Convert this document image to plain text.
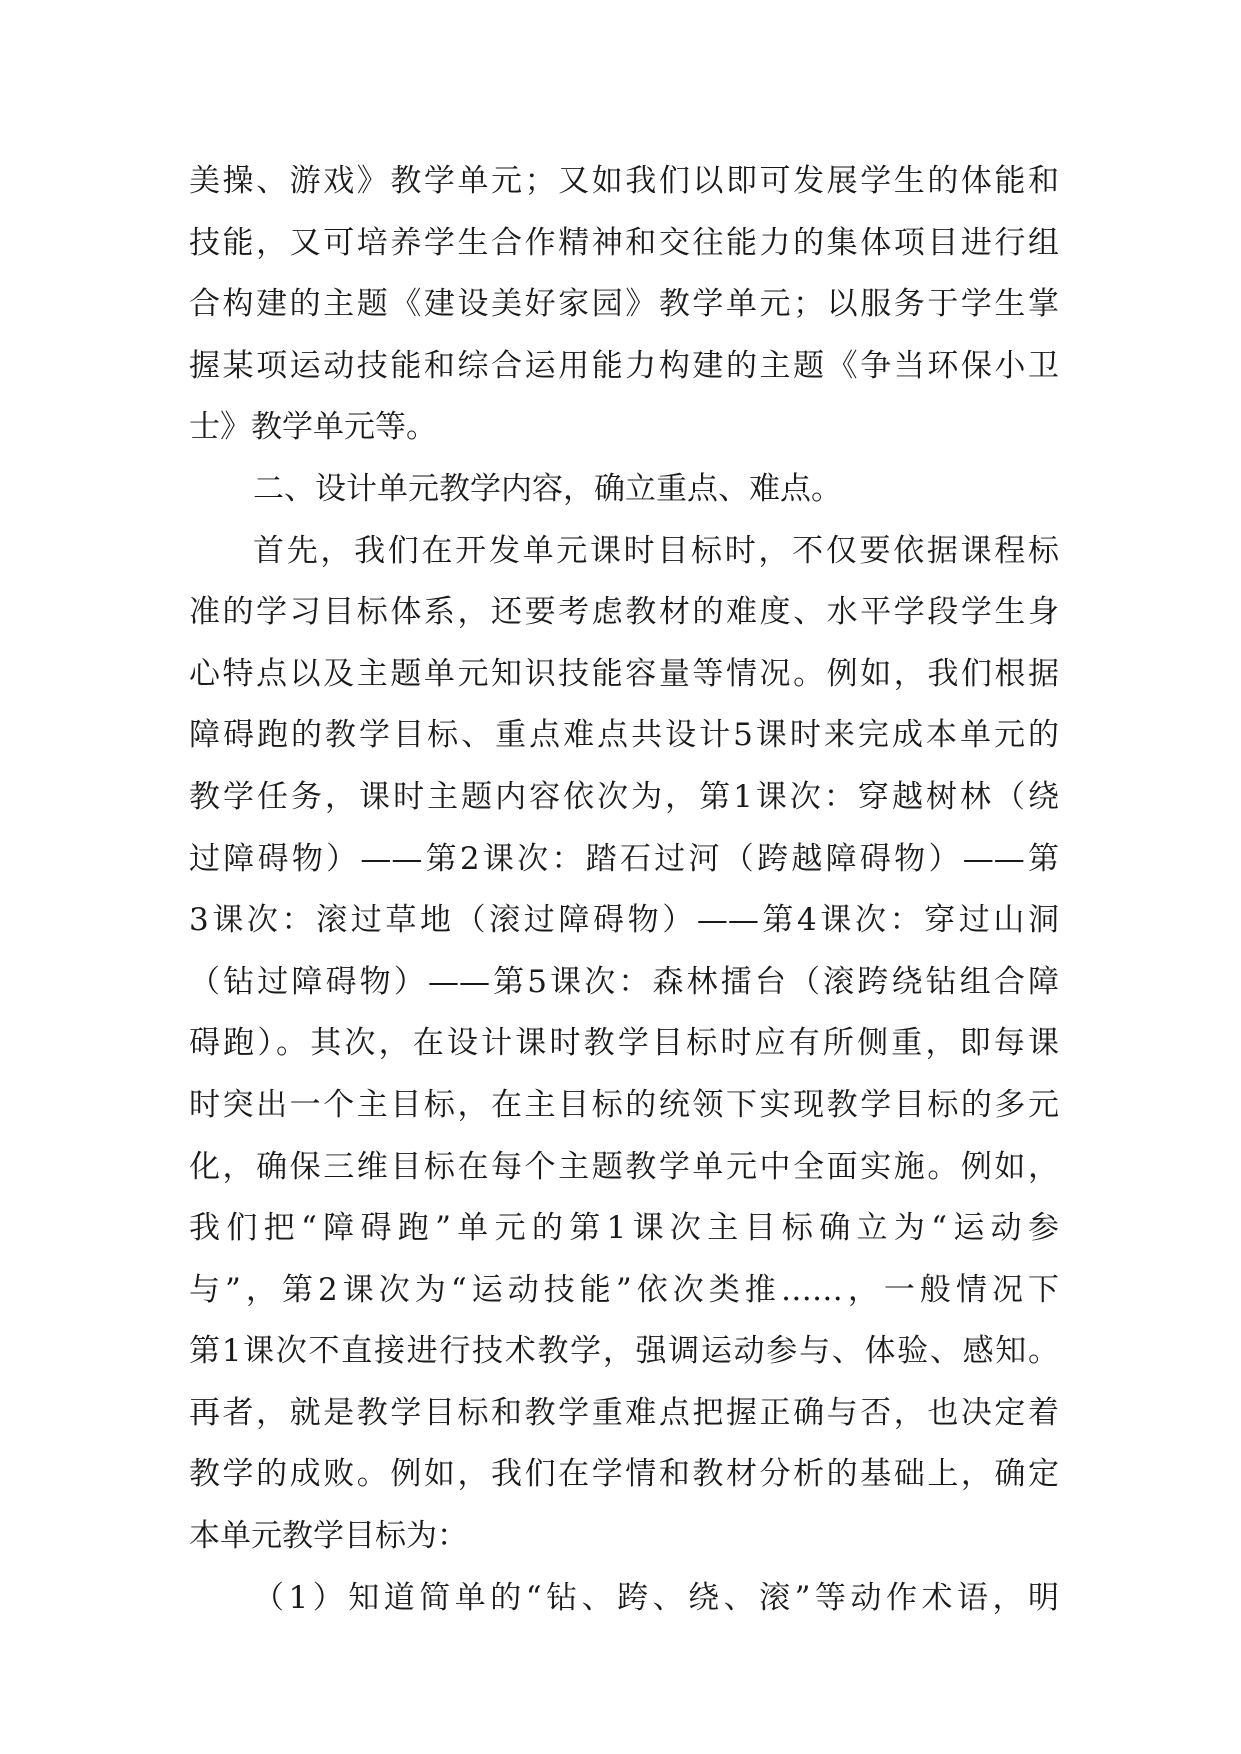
美操、游戏》教学单元；又如我们以即可发展学生的体能和
技能，又可培养学生合作精神和交往能力的集体项目进行组
合构建的主题《建设美好家园》教学单元；以服务于学生掌
握某项运动技能和综合运用能力构建的主题《争当环保小卫
士》教学单元等。
二、设计单元教学内容，确立重点、难点。
首先，我们在开发单元课时目标时，不仅要依据课程标
准的学习目标体系，还要考虑教材的难度、水平学段学生身
心特点以及主题单元知识技能容量等情况。例如，我们根据
障碍跑的教学目标、重点难点共设计5课时来完成本单元的
教学任务，课时主题内容依次为，第1课次：穿越树林（绕
过障碍物）——第2课次：踏石过河（跨越障碍物）——第
3课次：滚过草地（滚过障碍物）——第4课次：穿过山洞
（钻过障碍物）——第5课次：森林擂台（滚跨绕钻组合障
碍跑）。其次，在设计课时教学目标时应有所侧重，即每课
时突出一个主目标，在主目标的统领下实现教学目标的多元
化，确保三维目标在每个主题教学单元中全面实施。例如，
我们把“障碍跑”单元的第1课次主目标确立为“运动参
与”，第2课次为“运动技能”依次类推……，一般情况下
第1课次不直接进行技术教学，强调运动参与、体验、感知。
再者，就是教学目标和教学重难点把握正确与否，也决定着
教学的成败。例如，我们在学情和教材分析的基础上，确定
本单元教学目标为：
（1）知道简单的“钻、跨、绕、滚”等动作术语，明
